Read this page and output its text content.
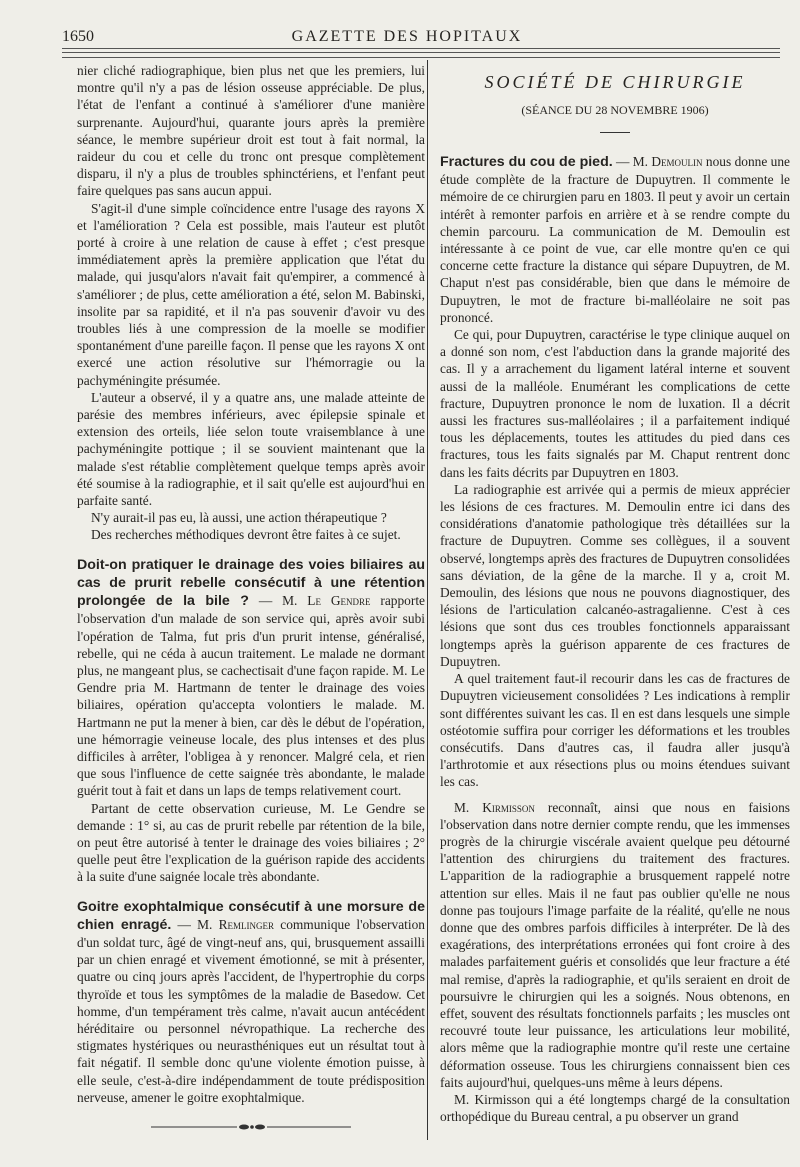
1650	GAZETTE DES HOPITAUX

nier cliché radiographique, bien plus net que les premiers, lui montre qu'il n'y a pas de lésion osseuse appréciable. De plus, l'état de l'enfant a continué à s'améliorer d'une manière surprenante. Aujourd'hui, quarante jours après la première séance, le membre supérieur droit est tout à fait normal, la raideur du cou et celle du tronc ont presque complètement disparu, il n'y a plus de troubles sphinctériens, et l'enfant peut faire quelques pas sans aucun appui.

S'agit-il d'une simple coïncidence entre l'usage des rayons X et l'amélioration ? Cela est possible, mais l'auteur est plutôt porté à croire à une relation de cause à effet ; c'est presque immédiatement après la première application que l'état du malade, qui jusqu'alors n'avait fait qu'empirer, a commencé à s'améliorer ; de plus, cette amélioration a été, selon M. Babinski, insolite par sa rapidité, et il n'a pas souvenir d'avoir vu des troubles liés à une compression de la moelle se modifier spontanément d'une pareille façon. Il pense que les rayons X ont exercé une action résolutive sur l'hémorragie ou la pachyméningite présumée.

L'auteur a observé, il y a quatre ans, une malade atteinte de parésie des membres inférieurs, avec épilepsie spinale et extension des orteils, liée selon toute vraisemblance à une pachyméningite pottique ; il se souvient maintenant que la malade s'est rétablie complètement quelque temps après avoir été soumise à la radiographie, et il sait qu'elle est aujourd'hui en parfaite santé.

N'y aurait-il pas eu, là aussi, une action thérapeutique ?

Des recherches méthodiques devront être faites à ce sujet.

Doit-on pratiquer le drainage des voies biliaires au cas de prurit rebelle consécutif à une rétention prolongée de la bile ? — M. Le Gendre rapporte l'observation d'un malade de son service qui, après avoir subi l'opération de Talma, fut pris d'un prurit intense, généralisé, rebelle, qui ne céda à aucun traitement. Le malade ne dormant plus, ne mangeant plus, se cachectisait d'une façon rapide. M. Le Gendre pria M. Hartmann de tenter le drainage des voies biliaires, opération qu'accepta volontiers le malade. M. Hartmann ne put la mener à bien, car dès le début de l'opération, une hémorragie veineuse locale, des plus intenses et des plus difficiles à arrêter, l'obligea à y renoncer. Malgré cela, et rien que sous l'influence de cette saignée très abondante, le malade guérit tout à fait et dans un laps de temps relativement court.

Partant de cette observation curieuse, M. Le Gendre se demande : 1° si, au cas de prurit rebelle par rétention de la bile, on peut être autorisé à tenter le drainage des voies biliaires ; 2° quelle peut être l'explication de la guérison rapide des accidents à la suite d'une saignée locale très abondante.

Goitre exophtalmique consécutif à une morsure de chien enragé. — M. Remlinger communique l'observation d'un soldat turc, âgé de vingt-neuf ans, qui, brusquement assailli par un chien enragé et vivement émotionné, se mit à présenter, quatre ou cinq jours après l'accident, de l'hypertrophie du corps thyroïde et tous les symptômes de la maladie de Basedow. Cet homme, d'un tempérament très calme, n'avait aucun antécédent héréditaire ou personnel névropathique. La recherche des stigmates hystériques ou neurasthéniques eut un résultat tout à fait négatif. Il semble donc qu'une violente émotion puisse, à elle seule, c'est-à-dire indépendamment de toute prédisposition nerveuse, amener le goitre exophtalmique.

SOCIÉTÉ DE CHIRURGIE
(SÉANCE DU 28 NOVEMBRE 1906)

Fractures du cou de pied. — M. Demoulin nous donne une étude complète de la fracture de Dupuytren. Il commente le mémoire de ce chirurgien paru en 1803. Il peut y avoir un certain intérêt à remonter parfois en arrière et à se rendre compte du chemin parcouru. La communication de M. Demoulin est intéressante à ce point de vue, car elle montre qu'en ce qui concerne cette fracture la distance qui sépare Dupuytren, de M. Chaput n'est pas considérable, bien que dans le mémoire de Dupuytren, le mot de fracture bi-malléolaire ne soit pas prononcé.

Ce qui, pour Dupuytren, caractérise le type clinique auquel on a donné son nom, c'est l'abduction dans la grande majorité des cas. Il y a arrachement du ligament latéral interne et souvent aussi de la malléole. Enumérant les complications de cette fracture, Dupuytren prononce le nom de luxation. Il a décrit aussi les fractures sus-malléolaires ; il a parfaitement indiqué tous les déplacements, toutes les attitudes du pied dans ces fractures, tous les faits signalés par M. Chaput rentrent donc dans les faits décrits par Dupuytren en 1803.

La radiographie est arrivée qui a permis de mieux apprécier les lésions de ces fractures. M. Demoulin entre ici dans des considérations d'anatomie pathologique très détaillées sur la fracture de Dupuytren. Comme ses collègues, il a souvent observé, longtemps après des fractures de Dupuytren consolidées sans déviation, de la gêne de la marche. Il y a, croit M. Demoulin, des lésions que nous ne pouvons diagnostiquer, des lésions de l'articulation calcanéo-astragalienne. C'est à ces lésions que sont dus ces troubles fonctionnels apparaissant longtemps après la guérison apparente de ces fractures de Dupuytren.

A quel traitement faut-il recourir dans les cas de fractures de Dupuytren vicieusement consolidées ? Les indications à remplir sont différentes suivant les cas. Il en est dans lesquels une simple ostéotomie suffira pour corriger les déformations et les troubles consécutifs. Dans d'autres cas, il faudra aller jusqu'à l'arthrotomie et aux résections plus ou moins étendues suivant les cas.

M. Kirmisson reconnaît, ainsi que nous en faisions l'observation dans notre dernier compte rendu, que les immenses progrès de la chirurgie viscérale avaient quelque peu détourné l'attention des chirurgiens du traitement des fractures. L'apparition de la radiographie a brusquement rappelé notre attention sur elles. Mais il ne faut pas oublier qu'elle ne nous donne pas toujours l'image parfaite de la réalité, qu'elle ne nous donne que des ombres parfois difficiles à interpréter. De là des exagérations, des interprétations erronées qui font croire à des malades parfaitement guéris et consolidés que leur fracture a été mal remise, d'après la radiographie, et qu'ils seraient en droit de poursuivre le chirurgien qui les a soignés. Nous obtenons, en effet, souvent des résultats fonctionnels parfaits ; les muscles ont recouvré toute leur puissance, les articulations leur mobilité, alors même que la radiographie montre qu'il reste une certaine déformation osseuse. Tous les chirurgiens connaissent bien ces faits aujourd'hui, quelques-uns même à leurs dépens.

M. Kirmisson qui a été longtemps chargé de la consultation orthopédique du Bureau central, a pu observer un grand
